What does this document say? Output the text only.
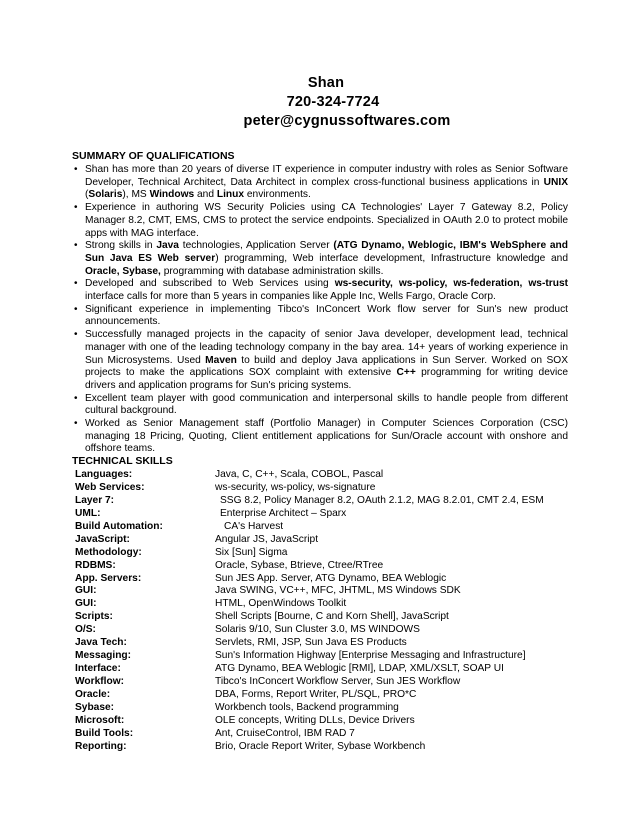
Shan
720-324-7724
peter@cygnussoftwares.com
SUMMARY OF QUALIFICATIONS
• Shan has more than 20 years of diverse IT experience in computer industry with roles as Senior Software Developer, Technical Architect, Data Architect in complex cross-functional business applications in UNIX (Solaris), MS Windows and Linux environments.
• Experience in authoring WS Security Policies using CA Technologies' Layer 7 Gateway 8.2, Policy Manager 8.2, CMT, EMS, CMS to protect the service endpoints. Specialized in OAuth 2.0 to protect mobile apps with MAG interface.
• Strong skills in Java technologies, Application Server (ATG Dynamo, Weblogic, IBM's WebSphere and Sun Java ES Web server) programming, Web interface development, Infrastructure knowledge and Oracle, Sybase, programming with database administration skills.
• Developed and subscribed to Web Services using ws-security, ws-policy, ws-federation, ws-trust interface calls for more than 5 years in companies like Apple Inc, Wells Fargo, Oracle Corp.
• Significant experience in implementing Tibco's InConcert Work flow server for Sun's new product announcements.
• Successfully managed projects in the capacity of senior Java developer, development lead, technical manager with one of the leading technology company in the bay area. 14+ years of working experience in Sun Microsystems. Used Maven to build and deploy Java applications in Sun Server. Worked on SOX projects to make the applications SOX complaint with extensive C++ programming for writing device drivers and application programs for Sun's pricing systems.
• Excellent team player with good communication and interpersonal skills to handle people from different cultural background.
• Worked as Senior Management staff (Portfolio Manager) in Computer Sciences Corporation (CSC) managing 18 Pricing, Quoting, Client entitlement applications for Sun/Oracle account with onshore and offshore teams.
TECHNICAL SKILLS
Languages:	Java, C, C++, Scala, COBOL, Pascal
Web Services:	ws-security, ws-policy, ws-signature
Layer 7:	SSG 8.2, Policy Manager 8.2, OAuth 2.1.2, MAG 8.2.01, CMT 2.4, ESM
UML:	Enterprise Architect – Sparx
Build Automation:	CA's Harvest
JavaScript:	Angular JS, JavaScript
Methodology:	Six [Sun] Sigma
RDBMS:	Oracle, Sybase, Btrieve, Ctree/RTree
App. Servers:	Sun JES App. Server, ATG Dynamo, BEA Weblogic
GUI:	Java SWING, VC++, MFC, JHTML, MS Windows SDK
GUI:	HTML, OpenWindows Toolkit
Scripts:	Shell Scripts [Bourne, C and Korn Shell], JavaScript
O/S:	Solaris 9/10, Sun Cluster 3.0, MS WINDOWS
Java Tech:	Servlets, RMI, JSP, Sun Java ES Products
Messaging:	Sun's Information Highway [Enterprise Messaging and Infrastructure]
Interface:	ATG Dynamo, BEA Weblogic [RMI], LDAP, XML/XSLT, SOAP UI
Workflow:	Tibco's InConcert Workflow Server, Sun JES Workflow
Oracle:	DBA, Forms, Report Writer, PL/SQL, PRO*C
Sybase:	Workbench tools, Backend programming
Microsoft:	OLE concepts, Writing DLLs, Device Drivers
Build Tools:	Ant, CruiseControl, IBM RAD 7
Reporting:	Brio, Oracle Report Writer, Sybase Workbench
